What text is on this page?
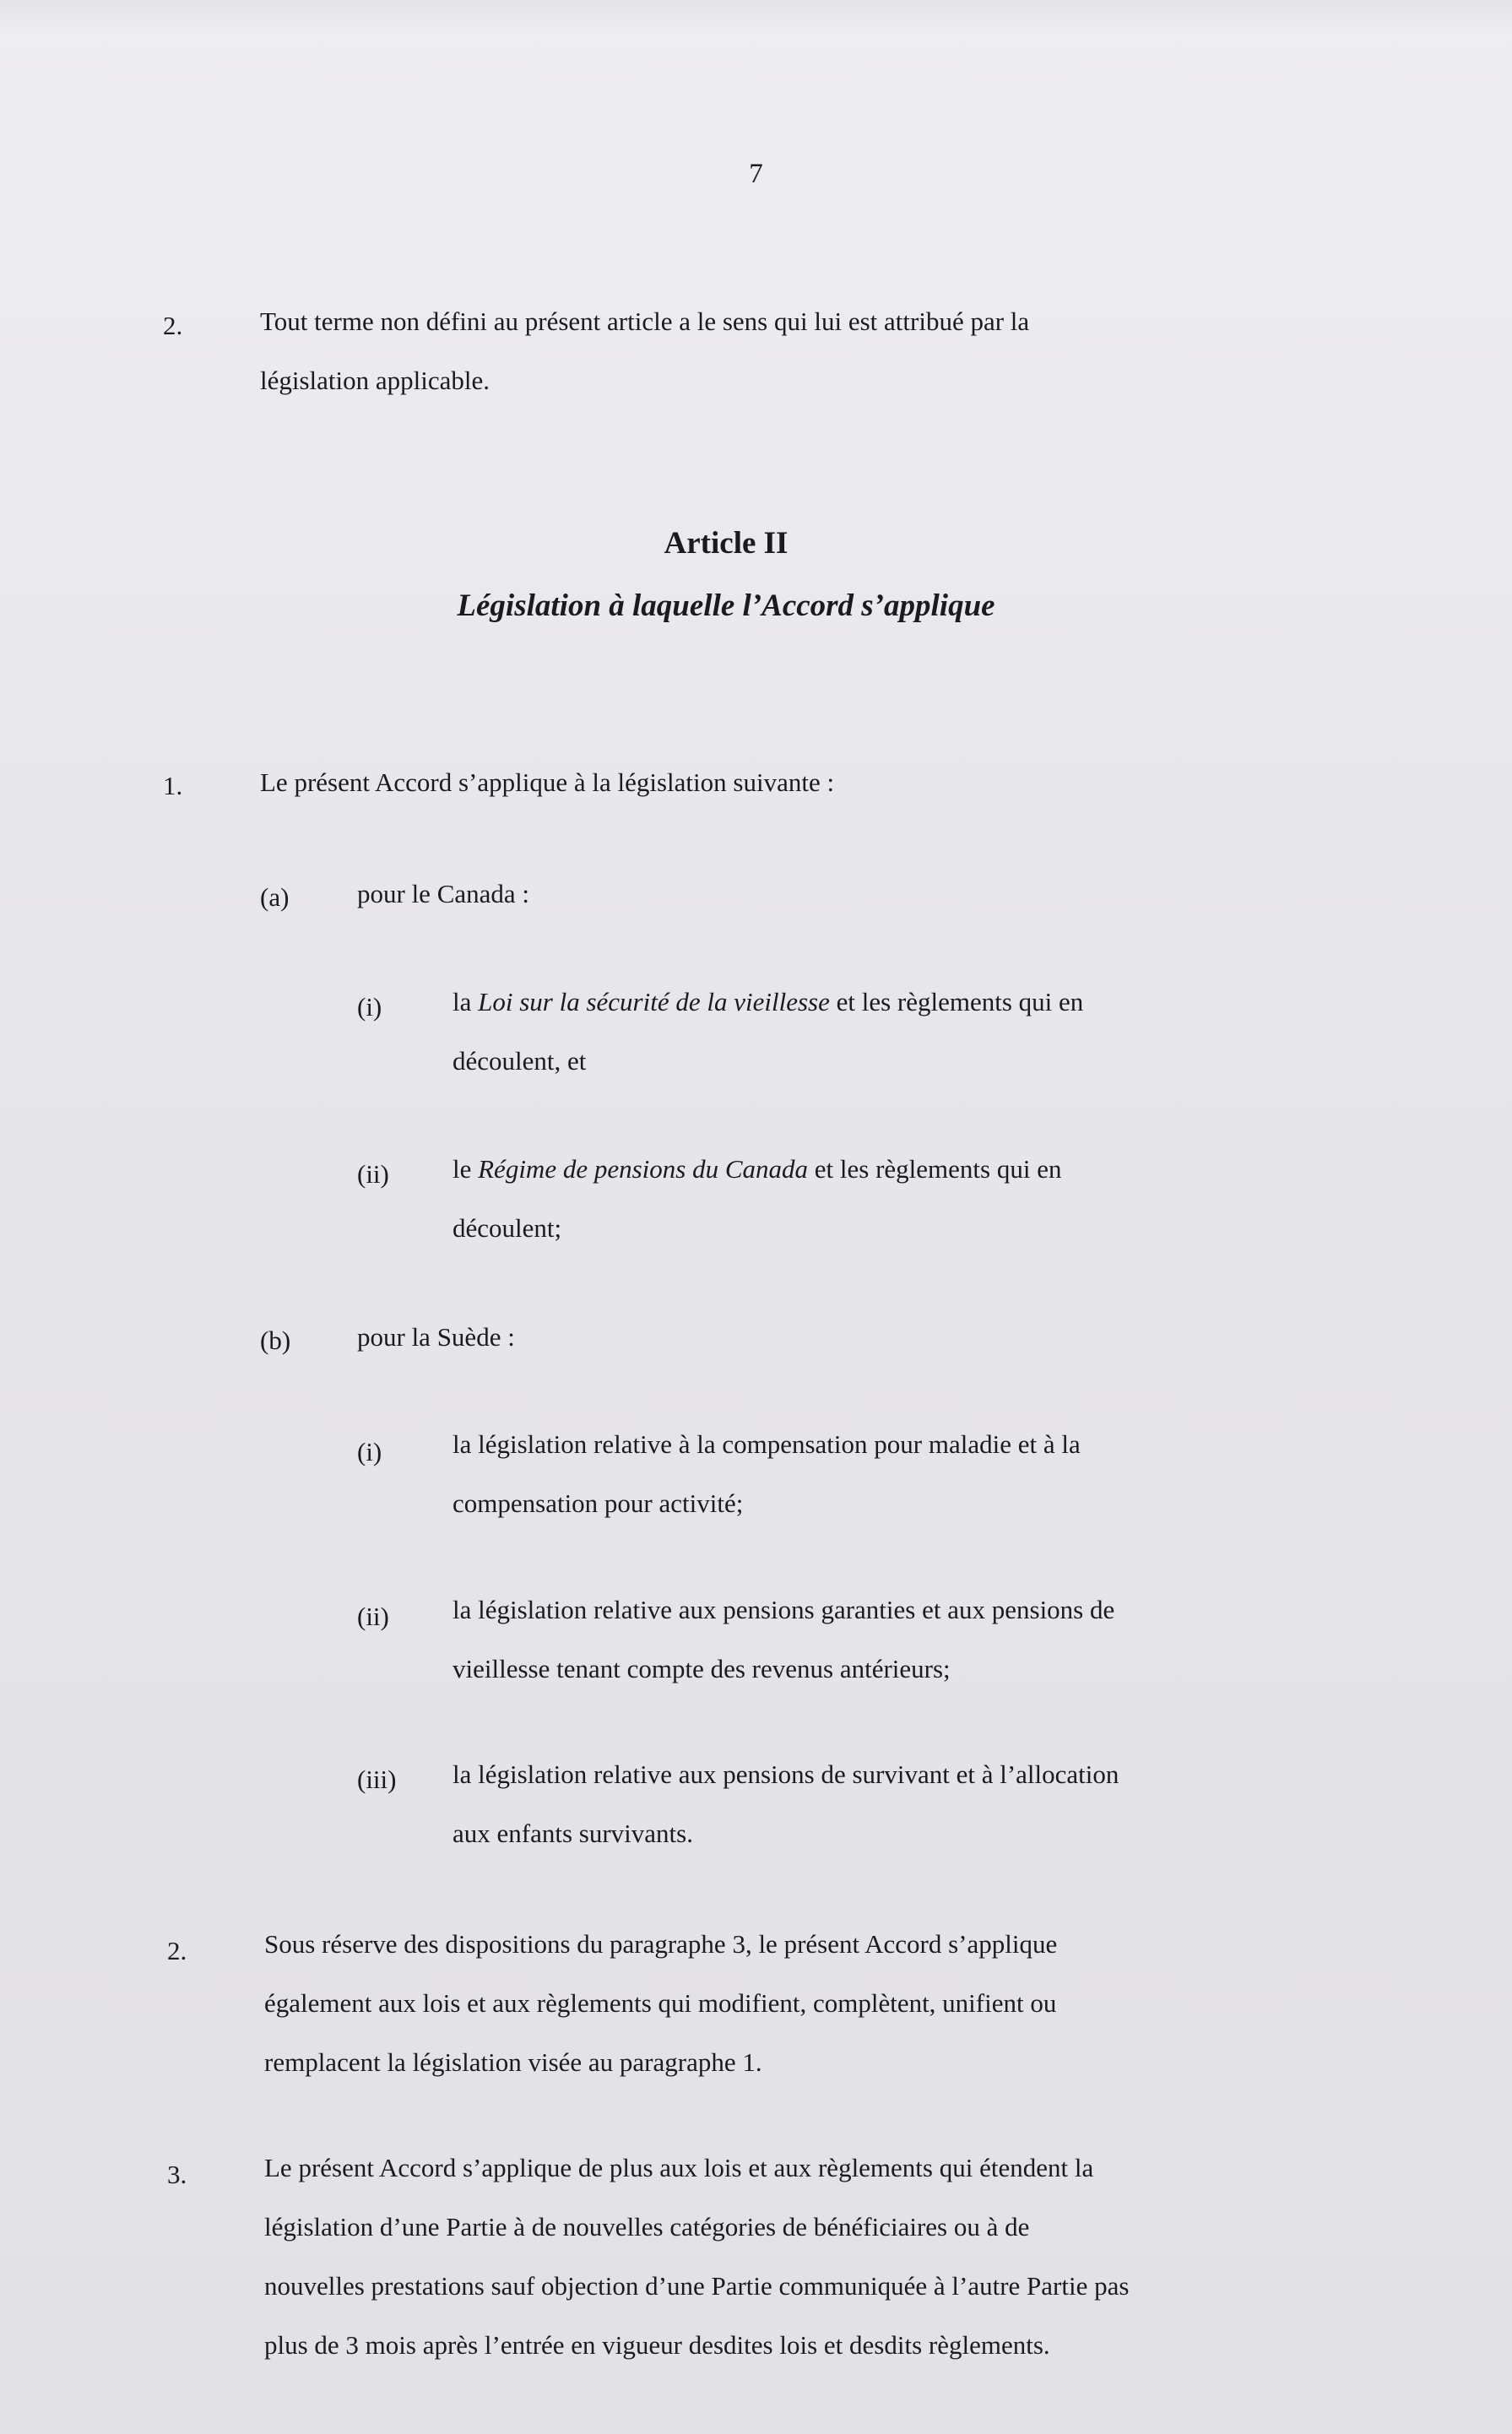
7
2.	Tout terme non défini au présent article a le sens qui lui est attribué par la
législation applicable.
Article II
Législation à laquelle l’Accord s’applique
1.	Le présent Accord s’applique à la législation suivante :
(a)	pour le Canada :
(i)	la Loi sur la sécurité de la vieillesse et les règlements qui en
découlent, et
(ii) le Régime de pensions du Canada et les règlements qui en
découlent;
(b)	pour la Suède :
(i)	la législation relative à la compensation pour maladie et à la
compensation pour activité;
(ii) la législation relative aux pensions garanties et aux pensions de
vieillesse tenant compte des revenus antérieurs;
(iii) la législation relative aux pensions de survivant et à l’allocation
aux enfants survivants.
2.	Sous réserve des dispositions du paragraphe 3, le présent Accord s’applique
également aux lois et aux règlements qui modifient, complètent, unifient ou
remplacent la législation visée au paragraphe 1.
3.	Le présent Accord s’applique de plus aux lois et aux règlements qui étendent la
législation d’une Partie à de nouvelles catégories de bénéficiaires ou à de
nouvelles prestations sauf objection d’une Partie communiquée à l’autre Partie pas
plus de 3 mois après l’entrée en vigueur desdites lois et desdits règlements.
